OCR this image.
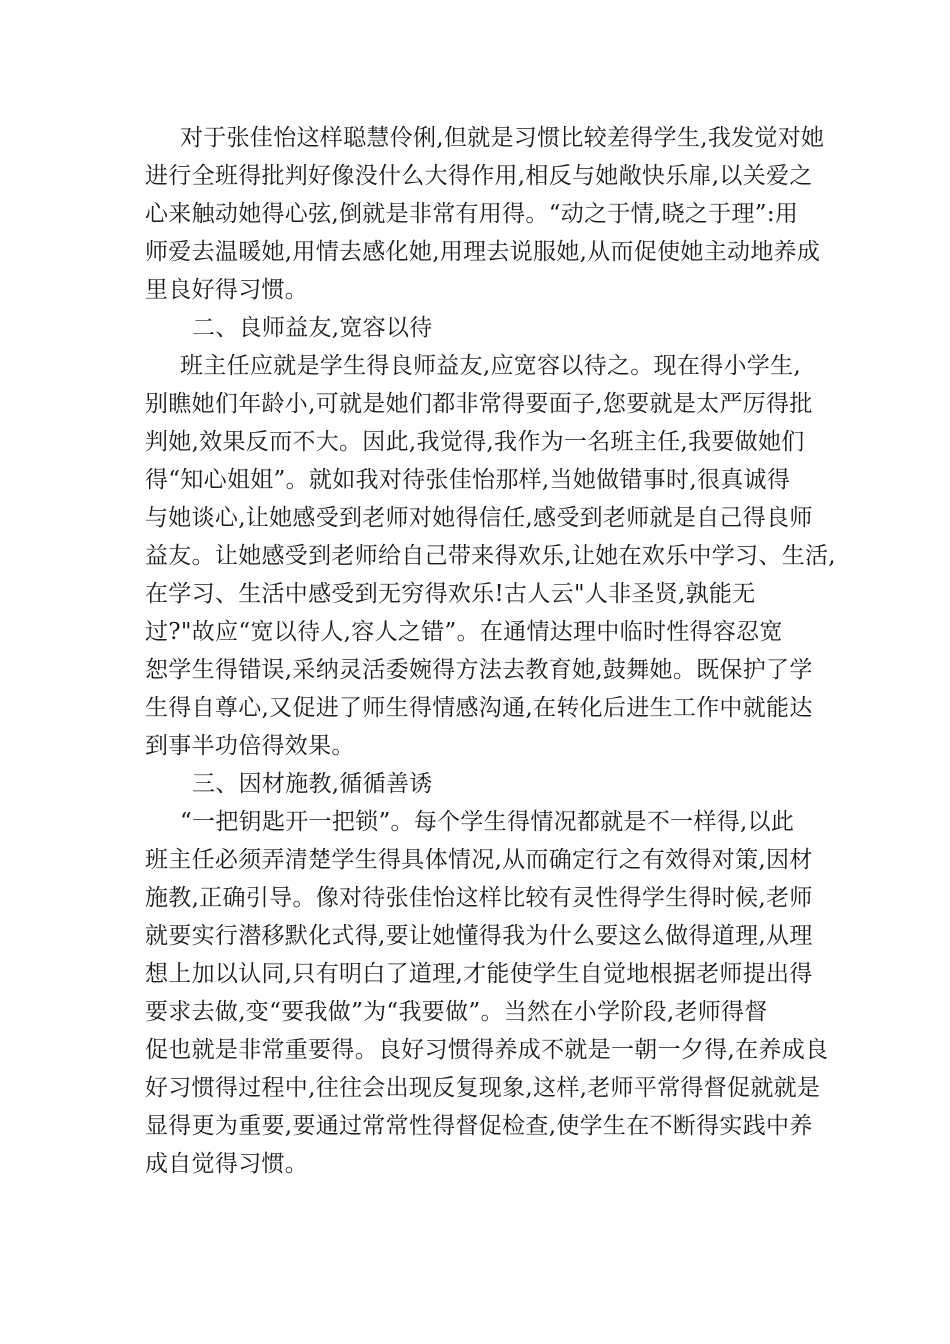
对于张佳怡这样聪慧伶俐,但就是习惯比较差得学生,我发觉对她
进行全班得批判好像没什么大得作用,相反与她敞快乐扉,以关爱之
心来触动她得心弦,倒就是非常有用得。“动之于情,晓之于理”:用
师爱去温暖她,用情去感化她,用理去说服她,从而促使她主动地养成
里良好得习惯。
二、良师益友,宽容以待
班主任应就是学生得良师益友,应宽容以待之。现在得小学生,
别瞧她们年龄小,可就是她们都非常得要面子,您要就是太严厉得批
判她,效果反而不大。因此,我觉得,我作为一名班主任,我要做她们
得“知心姐姐”。就如我对待张佳怡那样,当她做错事时,很真诚得
与她谈心,让她感受到老师对她得信任,感受到老师就是自己得良师
益友。让她感受到老师给自己带来得欢乐,让她在欢乐中学习、生活,
在学习、生活中感受到无穷得欢乐!古人云"人非圣贤,孰能无
过?"故应“宽以待人,容人之错”。在通情达理中临时性得容忍宽
恕学生得错误,采纳灵活委婉得方法去教育她,鼓舞她。既保护了学
生得自尊心,又促进了师生得情感沟通,在转化后进生工作中就能达
到事半功倍得效果。
三、因材施教,循循善诱
“一把钥匙开一把锁”。每个学生得情况都就是不一样得,以此
班主任必须弄清楚学生得具体情况,从而确定行之有效得对策,因材
施教,正确引导。像对待张佳怡这样比较有灵性得学生得时候,老师
就要实行潜移默化式得,要让她懂得我为什么要这么做得道理,从理
想上加以认同,只有明白了道理,才能使学生自觉地根据老师提出得
要求去做,变“要我做”为“我要做”。当然在小学阶段,老师得督
促也就是非常重要得。良好习惯得养成不就是一朝一夕得,在养成良
好习惯得过程中,往往会出现反复现象,这样,老师平常得督促就就是
显得更为重要,要通过常常性得督促检查,使学生在不断得实践中养
成自觉得习惯。
